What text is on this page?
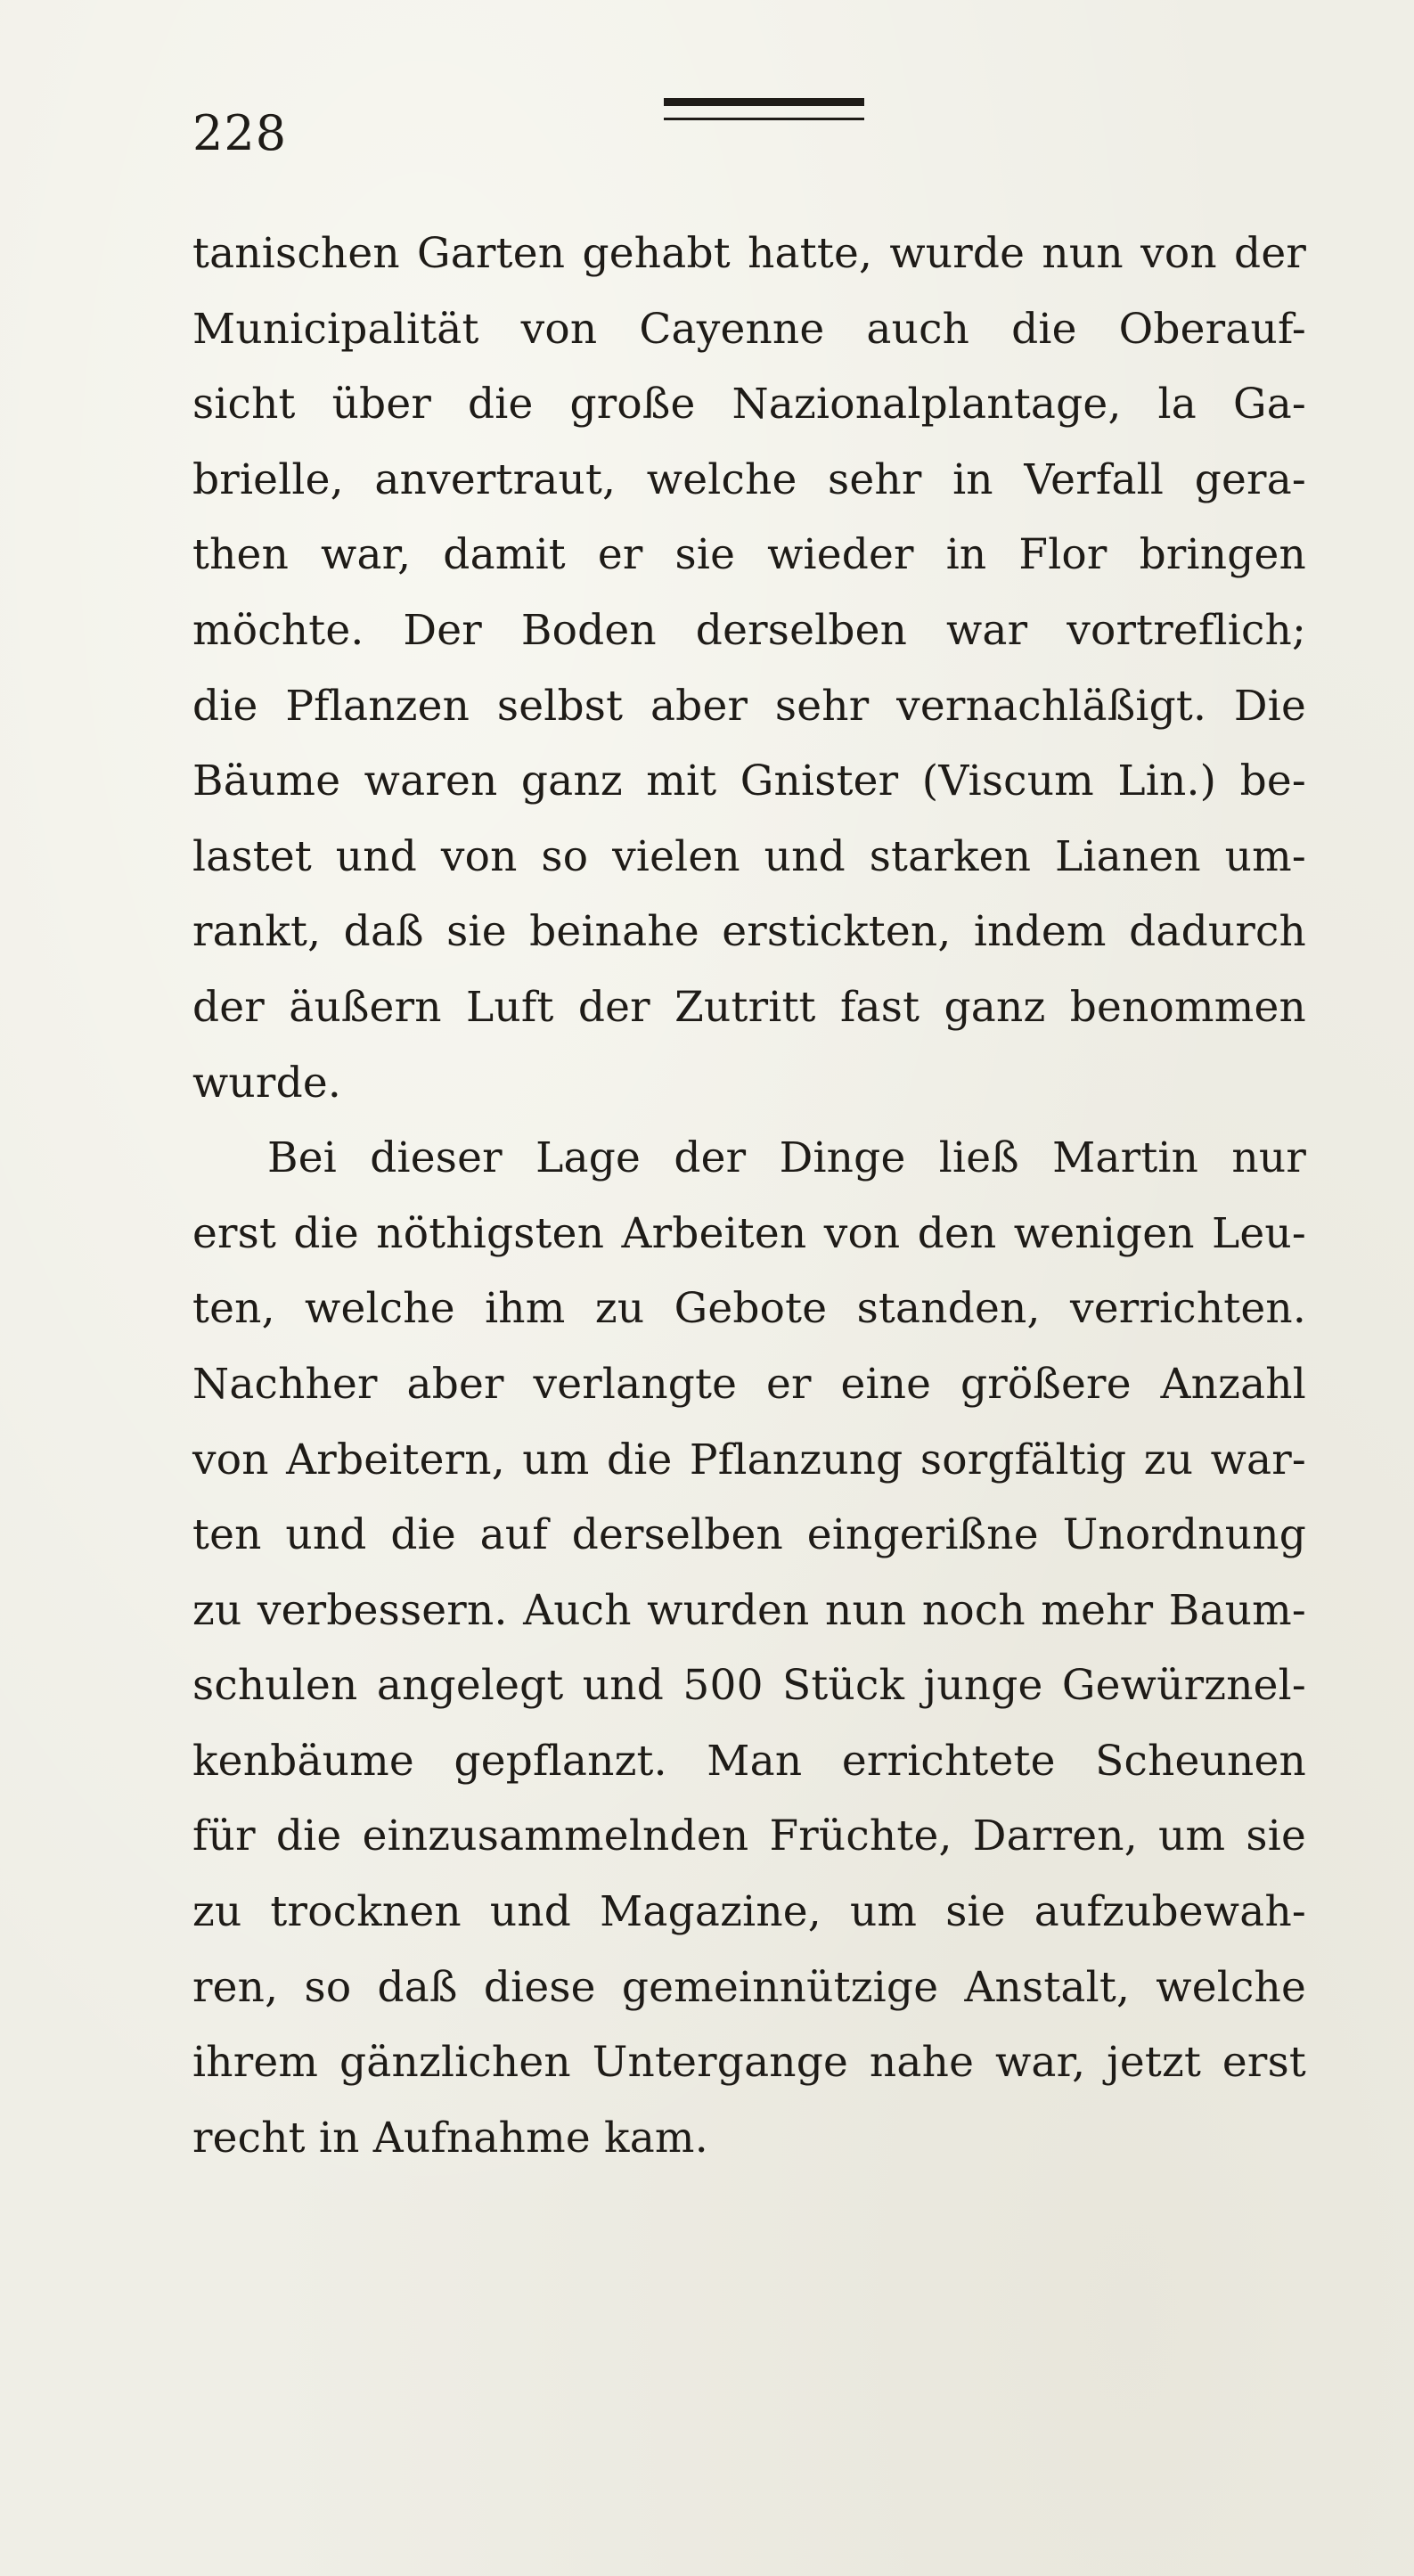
228
tanischen Garten gehabt hatte, wurde nun von der
Municipalität von Cayenne auch die Oberauf-
sicht über die große Nazionalplantage, la Ga-
brielle, anvertraut, welche sehr in Verfall gera-
then war, damit er sie wieder in Flor bringen
möchte. Der Boden derselben war vortreflich;
die Pflanzen selbst aber sehr vernachläßigt. Die
Bäume waren ganz mit Gnister (Viscum Lin.) be-
lastet und von so vielen und starken Lianen um-
rankt, daß sie beinahe erstickten, indem dadurch
der äußern Luft der Zutritt fast ganz benommen
wurde.
Bei dieser Lage der Dinge ließ Martin nur
erst die nöthigsten Arbeiten von den wenigen Leu-
ten, welche ihm zu Gebote standen, verrichten.
Nachher aber verlangte er eine größere Anzahl
von Arbeitern, um die Pflanzung sorgfältig zu war-
ten und die auf derselben eingerißne Unordnung
zu verbessern. Auch wurden nun noch mehr Baum-
schulen angelegt und 500 Stück junge Gewürznel-
kenbäume gepflanzt. Man errichtete Scheunen
für die einzusammelnden Früchte, Darren, um sie
zu trocknen und Magazine, um sie aufzubewah-
ren, so daß diese gemeinnützige Anstalt, welche
ihrem gänzlichen Untergange nahe war, jetzt erst
recht in Aufnahme kam.
